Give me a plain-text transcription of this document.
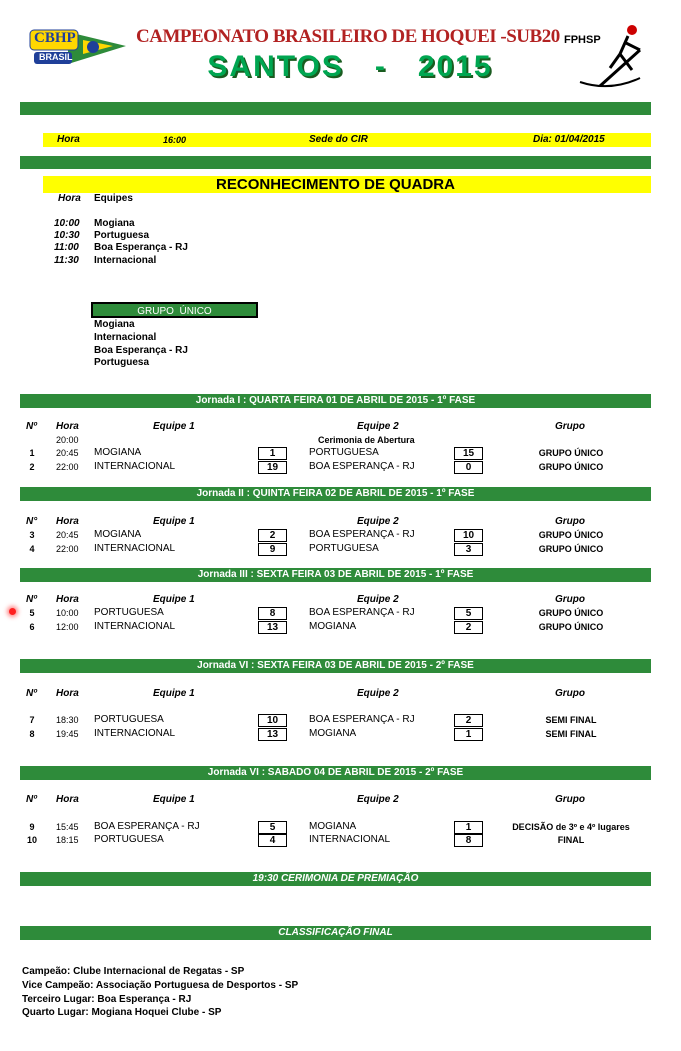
CBHP
BRASIL
CAMPEONATO BRASILEIRO DE HOQUEI -SUB20
SANTOS   -   2015
FPHSP
Hora	16:00	Sede do CIR	Dia: 01/04/2015
RECONHECIMENTO DE QUADRA
Hora Equipes
10:00 Mogiana
10:30 Portuguesa
11:00 Boa Esperança - RJ
11:30 Internacional
GRUPO  ÚNICO
Mogiana
Internacional
Boa Esperança - RJ
Portuguesa
Jornada I : QUARTA FEIRA 01 DE ABRIL DE 2015 - 1º FASE
Nº Hora	Equipe 1	Equipe 2	Grupo
20:00	Cerimonia de Abertura
1	20:45 MOGIANA	1	PORTUGUESA	15	GRUPO ÚNICO
2	22:00 INTERNACIONAL	19	BOA ESPERANÇA - RJ	0	GRUPO ÚNICO
Jornada II : QUINTA FEIRA 02 DE ABRIL DE 2015 - 1º FASE
N° Hora	Equipe 1	Equipe 2	Grupo
3	20:45 MOGIANA	2	BOA ESPERANÇA - RJ	10	GRUPO ÚNICO
4	22:00 INTERNACIONAL	9	PORTUGUESA	3	GRUPO ÚNICO
Jornada III : SEXTA FEIRA 03 DE ABRIL DE 2015 - 1º FASE
Nº Hora	Equipe 1	Equipe 2	Grupo
5	10:00 PORTUGUESA	8	BOA ESPERANÇA - RJ	5	GRUPO ÚNICO
6	12:00 INTERNACIONAL	13	MOGIANA	2	GRUPO ÚNICO
Jornada VI : SEXTA FEIRA 03 DE ABRIL DE 2015 - 2º FASE
Nº Hora	Equipe 1	Equipe 2	Grupo
7	18:30 PORTUGUESA	10	BOA ESPERANÇA - RJ	2	SEMI FINAL
8	19:45 INTERNACIONAL	13	MOGIANA	1	SEMI FINAL
Jornada VI : SABADO 04 DE ABRIL DE 2015 - 2º FASE
Nº Hora	Equipe 1	Equipe 2	Grupo
9	15:45 BOA ESPERANÇA - RJ	5	MOGIANA	1	DECISÃO de 3º e 4º lugares
10	18:15 PORTUGUESA	4	INTERNACIONAL	8	FINAL
19:30 CERIMONIA DE PREMIAÇÃO
CLASSIFICAÇÃO FINAL
Campeão: Clube Internacional de Regatas - SP
Vice Campeão: Associação Portuguesa de Desportos - SP
Terceiro Lugar: Boa Esperança - RJ
Quarto Lugar: Mogiana Hoquei Clube - SP
